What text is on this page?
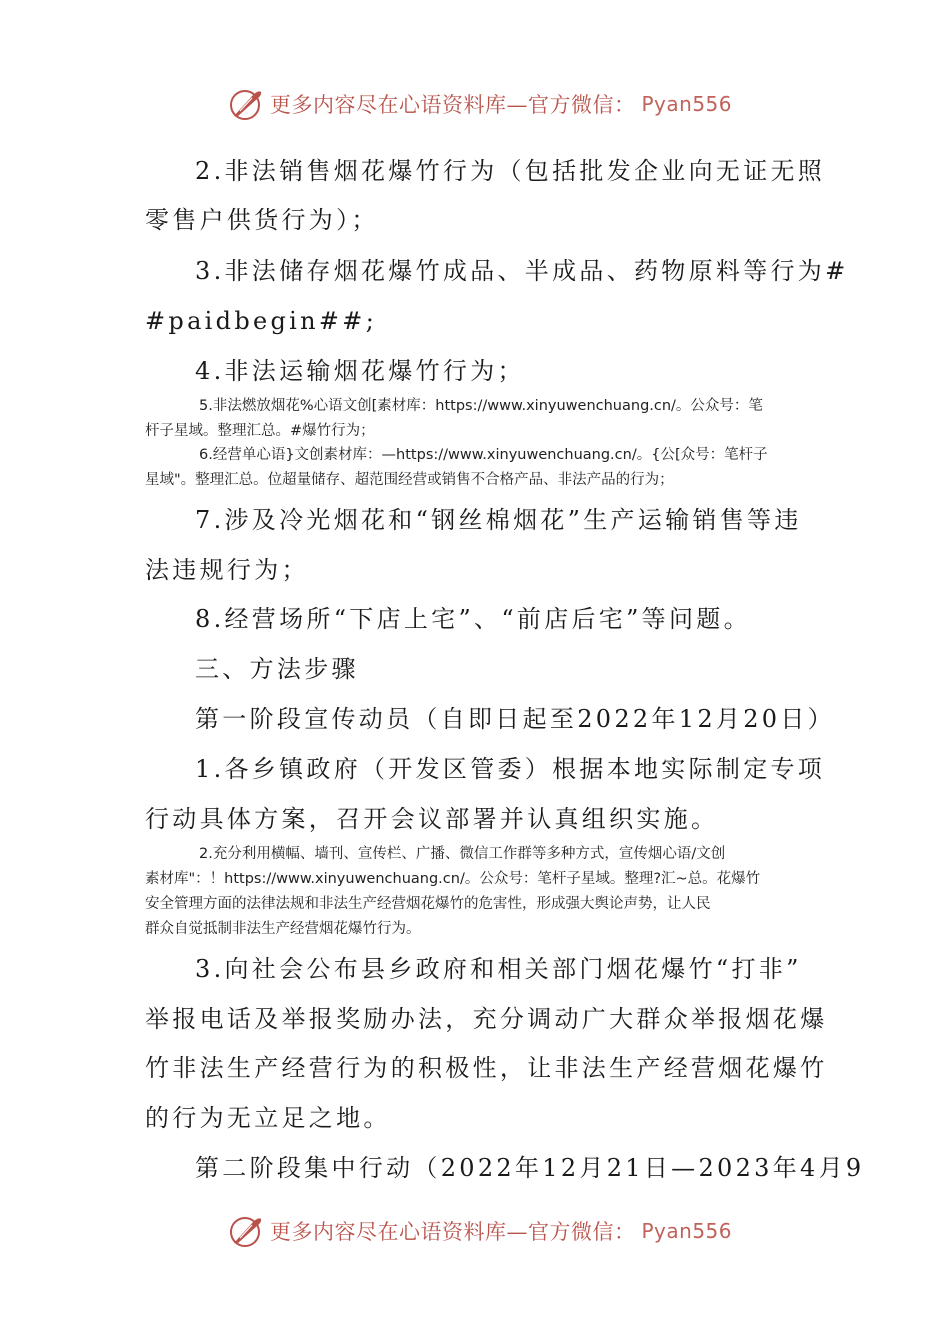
更多内容尽在心语资料库—官方微信： Pyan556
2.非法销售烟花爆竹行为（包括批发企业向无证无照
零售户供货行为）；
3.非法储存烟花爆竹成品、半成品、药物原料等行为#
#paidbegin##;
4.非法运输烟花爆竹行为；
5.非法燃放烟花%心语文创[素材库：https://www.xinyuwenchuang.cn/。公众号：笔
杆子星域。整理汇总。#爆竹行为；
6.经营单心语}文创素材库：—https://www.xinyuwenchuang.cn/。{公[众号：笔杆子
星域"。整理汇总。位超量储存、超范围经营或销售不合格产品、非法产品的行为；
7.涉及冷光烟花和“钢丝棉烟花”生产运输销售等违
法违规行为；
8.经营场所“下店上宅”、“前店后宅”等问题。
三、方法步骤
第一阶段宣传动员（自即日起至2022年12月20日）
1.各乡镇政府（开发区管委）根据本地实际制定专项
行动具体方案，召开会议部署并认真组织实施。
2.充分利用横幅、墙刊、宣传栏、广播、微信工作群等多种方式，宣传烟心语/文创
素材库"：！https://www.xinyuwenchuang.cn/。公众号：笔杆子星域。整理?汇~总。花爆竹
安全管理方面的法律法规和非法生产经营烟花爆竹的危害性，形成强大舆论声势，让人民
群众自觉抵制非法生产经营烟花爆竹行为。
3.向社会公布县乡政府和相关部门烟花爆竹“打非”
举报电话及举报奖励办法，充分调动广大群众举报烟花爆
竹非法生产经营行为的积极性，让非法生产经营烟花爆竹
的行为无立足之地。
第二阶段集中行动（2022年12月21日—2023年4月9
更多内容尽在心语资料库—官方微信： Pyan556
